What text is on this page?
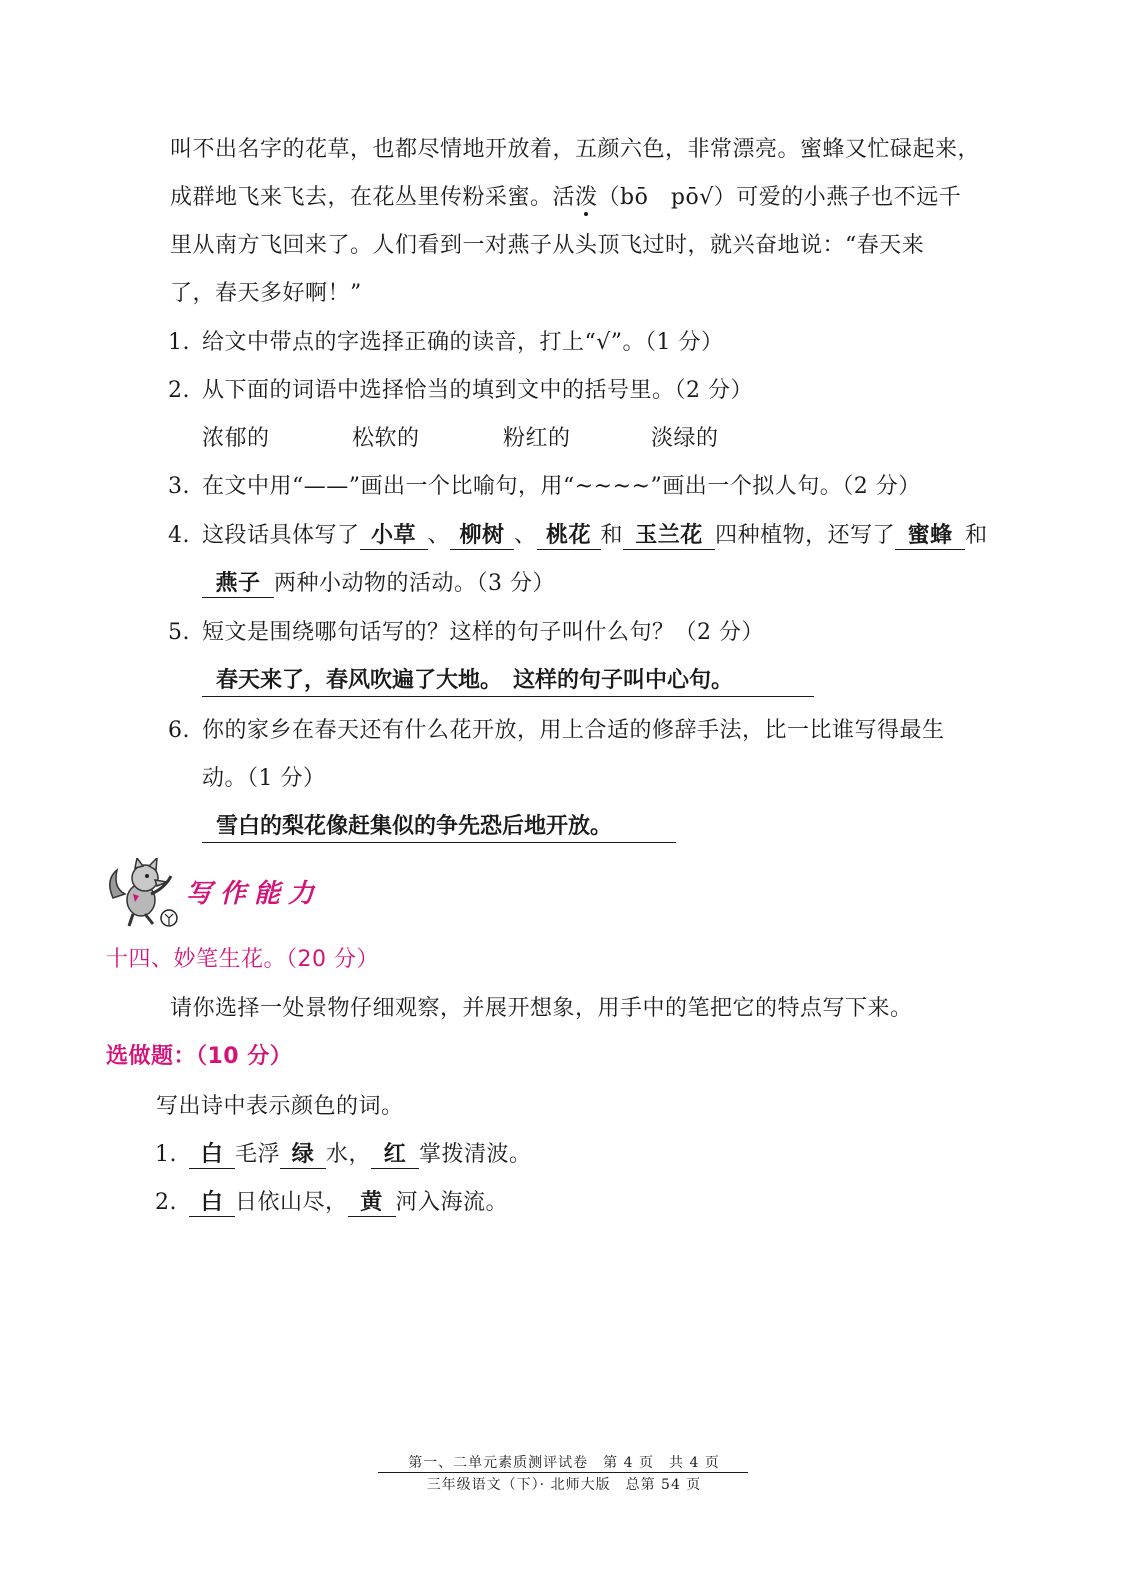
叫不出名字的花草，也都尽情地开放着，五颜六色，非常漂亮。蜜蜂又忙碌起来，
成群地飞来飞去，在花丛里传粉采蜜。活泼（bō　pō√）可爱的小燕子也不远千
里从南方飞回来了。人们看到一对燕子从头顶飞过时，就兴奋地说：“春天来
了，春天多好啊！”
1. 给文中带点的字选择正确的读音，打上“√”。（1 分）
2. 从下面的词语中选择恰当的填到文中的括号里。（2 分）
浓郁的	松软的	粉红的	淡绿的
3. 在文中用“——”画出一个比喻句，用“~~~~”画出一个拟人句。（2 分）
4. 这段话具体写了 小草 、 柳树 、 桃花 和 玉兰花 四种植物，还写了 蜜蜂 和
燕子 两种小动物的活动。（3 分）
5. 短文是围绕哪句话写的？这样的句子叫什么句？（2 分）
春天来了，春风吹遍了大地。　这样的句子叫中心句。
6. 你的家乡在春天还有什么花开放，用上合适的修辞手法，比一比谁写得最生
动。（1 分）
雪白的梨花像赶集似的争先恐后地开放。
写作能力
十四、妙笔生花。（20 分）
请你选择一处景物仔细观察，并展开想象，用手中的笔把它的特点写下来。
选做题：（10 分）
写出诗中表示颜色的词。
1. 白 毛浮 绿 水， 红 掌拨清波。
2. 白 日依山尽， 黄 河入海流。
第一、二单元素质测评试卷　第 4 页　共 4 页
三年级语文（下）· 北师大版　总第 54 页
